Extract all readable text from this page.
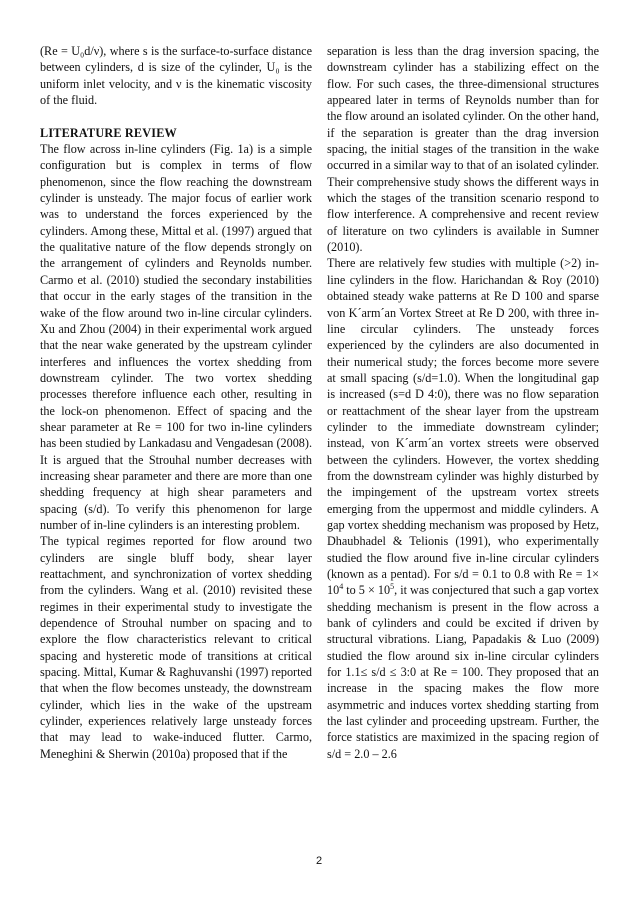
(Re = U₀d/ν), where s is the surface-to-surface distance between cylinders, d is size of the cylinder, U₀ is the uniform inlet velocity, and ν is the kinematic viscosity of the fluid.

LITERATURE REVIEW

The flow across in-line cylinders (Fig. 1a) is a simple configuration but is complex in terms of flow phenomenon, since the flow reaching the downstream cylinder is unsteady. The major focus of earlier work was to understand the forces experienced by the cylinders. Among these, Mittal et al. (1997) argued that the qualitative nature of the flow depends strongly on the arrangement of cylinders and Reynolds number. Carmo et al. (2010) studied the secondary instabilities that occur in the early stages of the transition in the wake of the flow around two in-line circular cylinders. Xu and Zhou (2004) in their experimental work argued that the near wake generated by the upstream cylinder interferes and influences the vortex shedding from downstream cylinder. The two vortex shedding processes therefore influence each other, resulting in the lock-on phenomenon. Effect of spacing and the shear parameter at Re = 100 for two in-line cylinders has been studied by Lankadasu and Vengadesan (2008). It is argued that the Strouhal number decreases with increasing shear parameter and there are more than one shedding frequency at high shear parameters and spacing (s/d). To verify this phenomenon for large number of in-line cylinders is an interesting problem.

The typical regimes reported for flow around two cylinders are single bluff body, shear layer reattachment, and synchronization of vortex shedding from the cylinders. Wang et al. (2010) revisited these regimes in their experimental study to investigate the dependence of Strouhal number on spacing and to explore the flow characteristics relevant to critical spacing and hysteretic mode of transitions at critical spacing. Mittal, Kumar & Raghuvanshi (1997) reported that when the flow becomes unsteady, the downstream cylinder, which lies in the wake of the upstream cylinder, experiences relatively large unsteady forces that may lead to wake-induced flutter. Carmo, Meneghini & Sherwin (2010a) proposed that if the

separation is less than the drag inversion spacing, the downstream cylinder has a stabilizing effect on the flow. For such cases, the three-dimensional structures appeared later in terms of Reynolds number than for the flow around an isolated cylinder. On the other hand, if the separation is greater than the drag inversion spacing, the initial stages of the transition in the wake occurred in a similar way to that of an isolated cylinder. Their comprehensive study shows the different ways in which the stages of the transition scenario respond to flow interference. A comprehensive and recent review of literature on two cylinders is available in Sumner (2010).

There are relatively few studies with multiple (>2) in-line cylinders in the flow. Harichandan & Roy (2010) obtained steady wake patterns at Re D 100 and sparse von K´arm´an Vortex Street at Re D 200, with three in-line circular cylinders. The unsteady forces experienced by the cylinders are also documented in their numerical study; the forces become more severe at small spacing (s/d=1.0). When the longitudinal gap is increased (s=d D 4:0), there was no flow separation or reattachment of the shear layer from the upstream cylinder to the immediate downstream cylinder; instead, von K´arm´an vortex streets were observed between the cylinders. However, the vortex shedding from the downstream cylinder was highly disturbed by the impingement of the upstream vortex streets emerging from the uppermost and middle cylinders. A gap vortex shedding mechanism was proposed by Hetz, Dhaubhadel & Telionis (1991), who experimentally studied the flow around five in-line circular cylinders (known as a pentad). For s/d = 0.1 to 0.8 with $Re = 1\times 10^4$ to $5 \times 10^5$, it was conjectured that such a gap vortex shedding mechanism is present in the flow across a bank of cylinders and could be excited if driven by structural vibrations. Liang, Papadakis & Luo (2009) studied the flow around six in-line circular cylinders for 1.1≤ s/d ≤ 3:0 at Re = 100. They proposed that an increase in the spacing makes the flow more asymmetric and induces vortex shedding starting from the last cylinder and proceeding upstream. Further, the force statistics are maximized in the spacing region of s/d = 2.0 – 2.6

2
